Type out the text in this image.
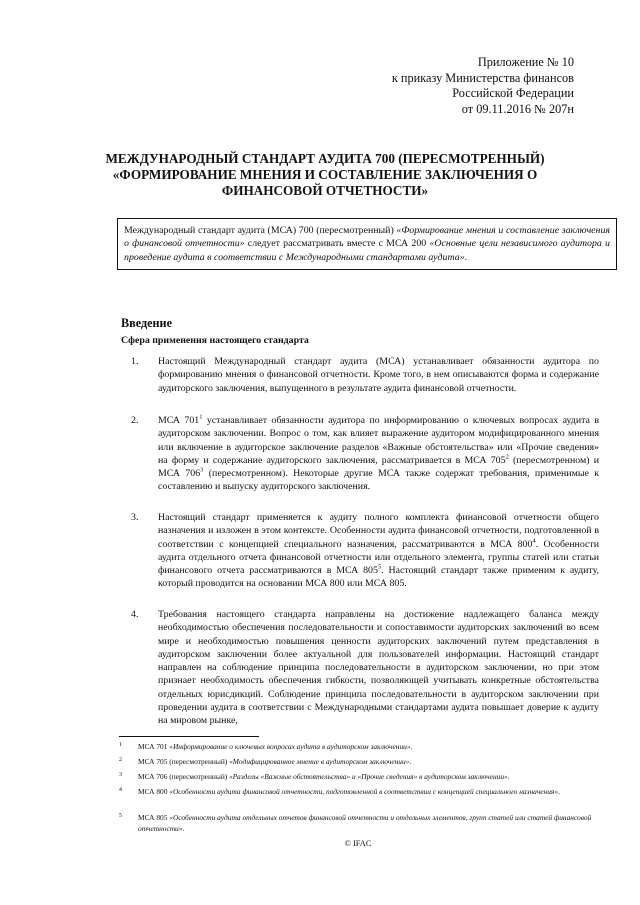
Приложение № 10
к приказу Министерства финансов
Российской Федерации
от 09.11.2016 № 207н
МЕЖДУНАРОДНЫЙ СТАНДАРТ АУДИТА 700 (ПЕРЕСМОТРЕННЫЙ)
«ФОРМИРОВАНИЕ МНЕНИЯ И СОСТАВЛЕНИЕ ЗАКЛЮЧЕНИЯ О
ФИНАНСОВОЙ ОТЧЕТНОСТИ»
Международный стандарт аудита (МСА) 700 (пересмотренный) «Формирование мнения и составление заключения о финансовой отчетности» следует рассматривать вместе с МСА 200 «Основные цели независимого аудитора и проведение аудита в соответствии с Международными стандартами аудита».
Введение
Сфера применения настоящего стандарта
1. Настоящий Международный стандарт аудита (МСА) устанавливает обязанности аудитора по формированию мнения о финансовой отчетности. Кроме того, в нем описываются форма и содержание аудиторского заключения, выпущенного в результате аудита финансовой отчетности.
2. МСА $701^1$ устанавливает обязанности аудитора по информированию о ключевых вопросах аудита в аудиторском заключении. Вопрос о том, как влияет выражение аудитором модифицированного мнения или включение в аудиторское заключение разделов «Важные обстоятельства» или «Прочие сведения» на форму и содержание аудиторского заключения, рассматривается в МСА $705^2$ (пересмотренном) и МСА $706^3$ (пересмотренном). Некоторые другие МСА также содержат требования, применимые к составлению и выпуску аудиторского заключения.
3. Настоящий стандарт применяется к аудиту полного комплекта финансовой отчетности общего назначения и изложен в этом контексте. Особенности аудита финансовой отчетности, подготовленной в соответствии с концепцией специального назначения, рассматриваются в МСА $800^4$. Особенности аудита отдельного отчета финансовой отчетности или отдельного элемента, группы статей или статьи финансового отчета рассматриваются в МСА $805^5$. Настоящий стандарт также применим к аудиту, который проводится на основании МСА 800 или МСА 805.
4. Требования настоящего стандарта направлены на достижение надлежащего баланса между необходимостью обеспечения последовательности и сопоставимости аудиторских заключений во всем мире и необходимостью повышения ценности аудиторских заключений путем представления в аудиторском заключении более актуальной для пользователей информации. Настоящий стандарт направлен на соблюдение принципа последовательности в аудиторском заключении, но при этом признает необходимость обеспечения гибкости, позволяющей учитывать конкретные обстоятельства отдельных юрисдикций. Соблюдение принципа последовательности в аудиторском заключении при проведении аудита в соответствии с Международными стандартами аудита повышает доверие к аудиту на мировом рынке,
1 МСА 701 «Информирование о ключевых вопросах аудита в аудиторском заключении».
2 МСА 705 (пересмотренный) «Модифицированное мнение в аудиторском заключении».
3 МСА 706 (пересмотренный) «Разделы «Важные обстоятельства» и «Прочие сведения» в аудиторском заключении».
4 МСА 800 «Особенности аудита финансовой отчетности, подготовленной в соответствии с концепцией специального назначения».
5 МСА 805 «Особенности аудита отдельных отчетов финансовой отчетности и отдельных элементов, групп статей или статей финансовой отчетности».
© IFAC
